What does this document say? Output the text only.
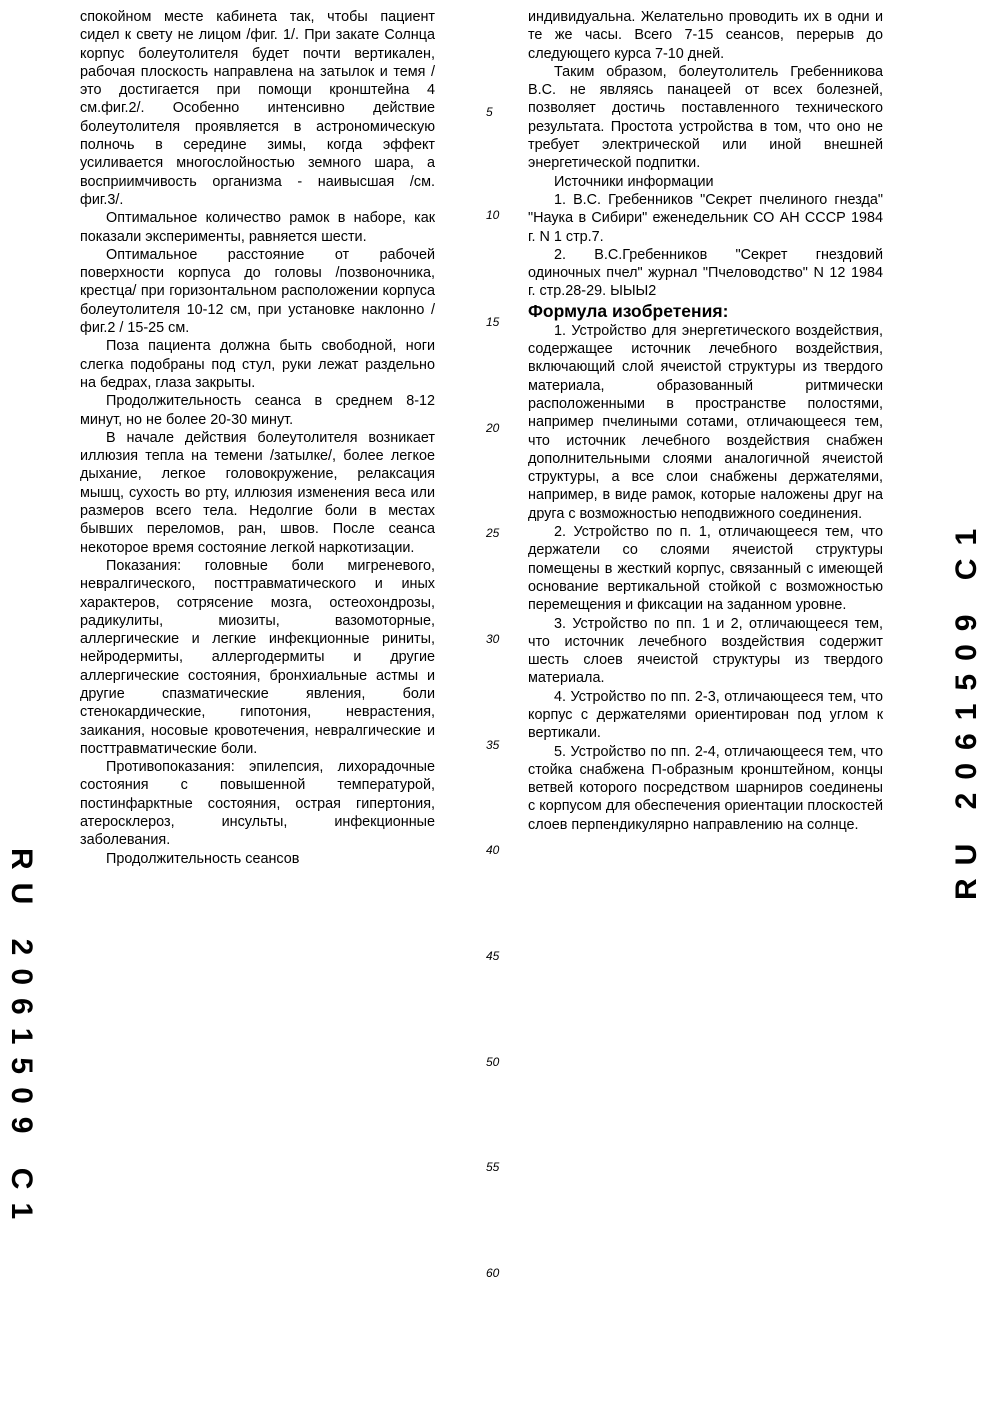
спокойном месте кабинета так, чтобы пациент сидел к свету не лицом /фиг. 1/. При закате Солнца корпус болеутолителя будет почти вертикален, рабочая плоскость направлена на затылок и темя /это достигается при помощи кронштейна 4 см.фиг.2/. Особенно интенсивно действие болеутолителя проявляется в астрономическую полночь в середине зимы, когда эффект усиливается многослойностью земного шара, а восприимчивость организма - наивысшая /см. фиг.3/.

Оптимальное количество рамок в наборе, как показали эксперименты, равняется шести.

Оптимальное расстояние от рабочей поверхности корпуса до головы /позвоночника, крестца/ при горизонтальном расположении корпуса болеутолителя 10-12 см, при установке наклонно /фиг.2 / 15-25 см.

Поза пациента должна быть свободной, ноги слегка подобраны под стул, руки лежат раздельно на бедрах, глаза закрыты.

Продолжительность сеанса в среднем 8-12 минут, но не более 20-30 минут.

В начале действия болеутолителя возникает иллюзия тепла на темени /затылке/, более легкое дыхание, легкое головокружение, релаксация мышц, сухость во рту, иллюзия изменения веса или размеров всего тела. Недолгие боли в местах бывших переломов, ран, швов. После сеанса некоторое время состояние легкой наркотизации.

Показания: головные боли мигреневого, невралгического, посттравматического и иных характеров, сотрясение мозга, остеохондрозы, радикулиты, миозиты, вазомоторные, аллергические и легкие инфекционные риниты, нейродермиты, аллергодермиты и другие аллергические состояния, бронхиальные астмы и другие спазматические явления, боли стенокардические, гипотония, неврастения, заикания, носовые кровотечения, невралгические и посттравматические боли.

Противопоказания: эпилепсия, лихорадочные состояния с повышенной температурой, постинфарктные состояния, острая гипертония, атеросклероз, инсульты, инфекционные заболевания.

Продолжительность сеансов

индивидуальна. Желательно проводить их в одни и те же часы. Всего 7-15 сеансов, перерыв до следующего курса 7-10 дней.

Таким образом, болеутолитель Гребенникова В.С. не являясь панацеей от всех болезней, позволяет достичь поставленного технического результата. Простота устройства в том, что оно не требует электрической или иной внешней энергетической подпитки.

Источники информации

1. В.С. Гребенников "Секрет пчелиного гнезда" "Наука в Сибири" еженедельник СО АН СССР 1984 г. N 1 стр.7.

2. В.С.Гребенников "Секрет гнездовий одиночных пчел" журнал "Пчеловодство" N 12 1984 г. стр.28-29. ЫЫЫ2

Формула изобретения:

1. Устройство для энергетического воздействия, содержащее источник лечебного воздействия, включающий слой ячеистой структуры из твердого материала, образованный ритмически расположенными в пространстве полостями, например пчелиными сотами, отличающееся тем, что источник лечебного воздействия снабжен дополнительными слоями аналогичной ячеистой структуры, а все слои снабжены держателями, например, в виде рамок, которые наложены друг на друга с возможностью неподвижного соединения.

2. Устройство по п. 1, отличающееся тем, что держатели со слоями ячеистой структуры помещены в жесткий корпус, связанный с имеющей основание вертикальной стойкой с возможностью перемещения и фиксации на заданном уровне.

3. Устройство по пп. 1 и 2, отличающееся тем, что источник лечебного воздействия содержит шесть слоев ячеистой структуры из твердого материала.

4. Устройство по пп. 2-3, отличающееся тем, что корпус с держателями ориентирован под углом к вертикали.

5. Устройство по пп. 2-4, отличающееся тем, что стойка снабжена П-образным кронштейном, концы ветвей которого посредством шарниров соединены с корпусом для обеспечения ориентации плоскостей слоев перпендикулярно направлению на солнце.

5
10
15
20
25
30
35
40
45
50
55
60
RU 2061509 C1
RU 2061509 C1
